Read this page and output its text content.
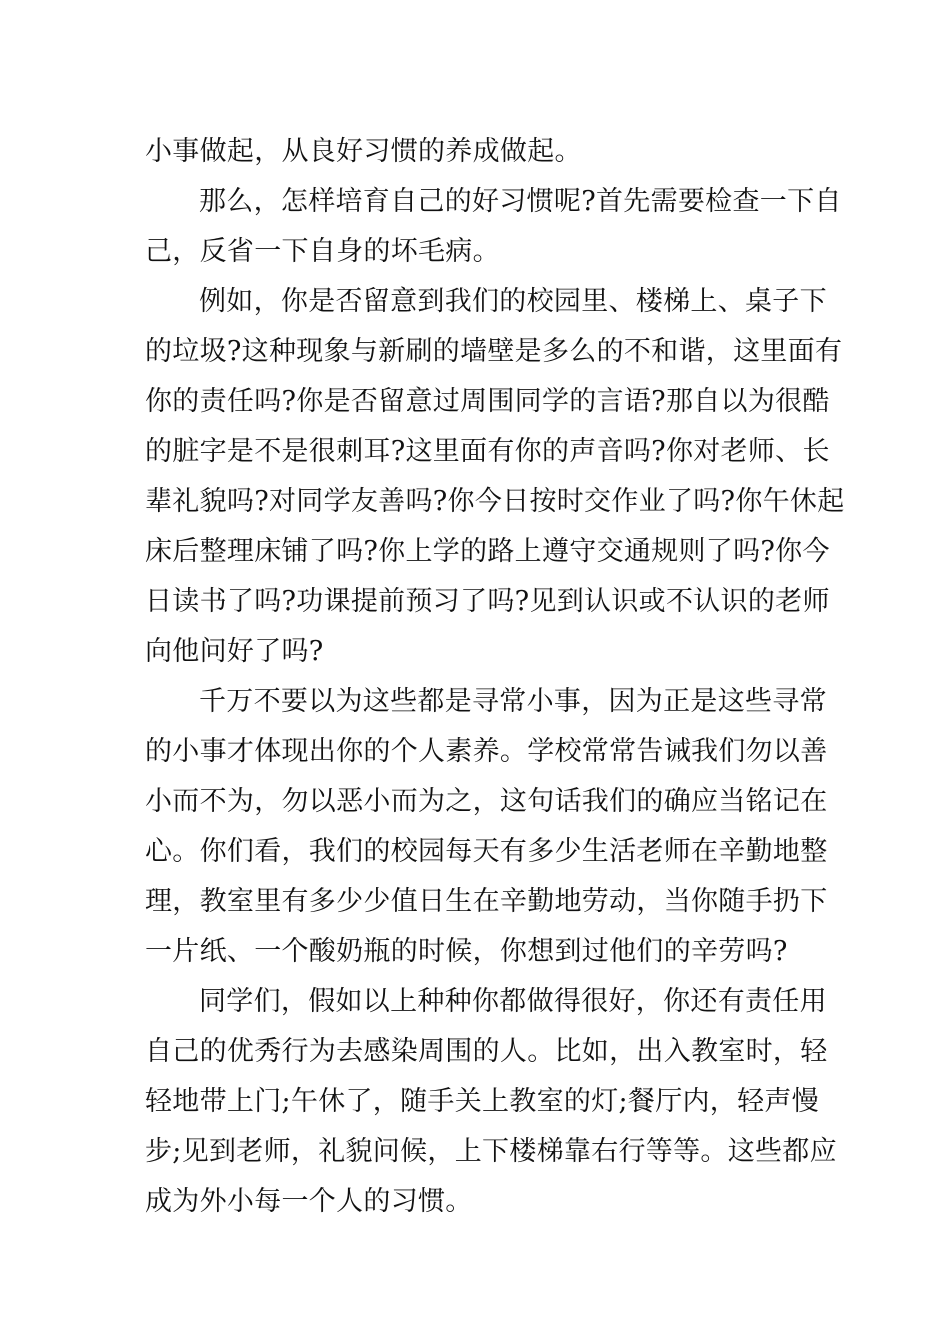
小事做起，从良好习惯的养成做起。
那么，怎样培育自己的好习惯呢?首先需要检查一下自
己，反省一下自身的坏毛病。
例如，你是否留意到我们的校园里、楼梯上、桌子下
的垃圾?这种现象与新刷的墙壁是多么的不和谐，这里面有
你的责任吗?你是否留意过周围同学的言语?那自以为很酷
的脏字是不是很刺耳?这里面有你的声音吗?你对老师、长
辈礼貌吗?对同学友善吗?你今日按时交作业了吗?你午休起
床后整理床铺了吗?你上学的路上遵守交通规则了吗?你今
日读书了吗?功课提前预习了吗?见到认识或不认识的老师
向他问好了吗?
千万不要以为这些都是寻常小事，因为正是这些寻常
的小事才体现出你的个人素养。学校常常告诫我们勿以善
小而不为，勿以恶小而为之，这句话我们的确应当铭记在
心。你们看，我们的校园每天有多少生活老师在辛勤地整
理，教室里有多少少值日生在辛勤地劳动，当你随手扔下
一片纸、一个酸奶瓶的时候，你想到过他们的辛劳吗?
同学们，假如以上种种你都做得很好，你还有责任用
自己的优秀行为去感染周围的人。比如，出入教室时，轻
轻地带上门;午休了，随手关上教室的灯;餐厅内，轻声慢
步;见到老师，礼貌问候，上下楼梯靠右行等等。这些都应
成为外小每一个人的习惯。
